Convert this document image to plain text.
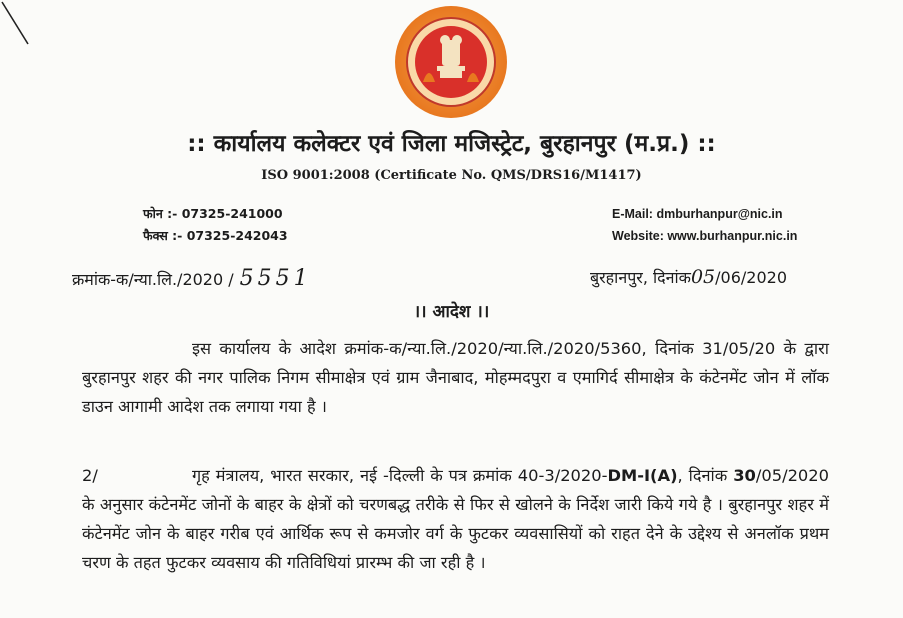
:: कार्यालय कलेक्टर एवं जिला मजिस्ट्रेट, बुरहानपुर (म.प्र.) ::
ISO 9001:2008 (Certificate No. QMS/DRS16/M1417)
फोन :- 07325-241000
फैक्स :- 07325-242043
E-Mail: dmburhanpur@nic.in
Website: www.burhanpur.nic.in
क्रमांक-क/न्या.लि./2020 / 5551	बुरहानपुर, दिनांक05/06/2020
।। आदेश ।।
इस कार्यालय के आदेश क्रमांक-क/न्या.लि./2020/न्या.लि./2020/5360, दिनांक 31/05/20 के द्वारा बुरहानपुर शहर की नगर पालिक निगम सीमाक्षेत्र एवं ग्राम जैनाबाद, मोहम्मदपुरा व एमागिर्द सीमाक्षेत्र के कंटेनमेंट जोन में लॉक डाउन आगामी आदेश तक लगाया गया है ।
2/	गृह मंत्रालय, भारत सरकार, नई -दिल्ली के पत्र क्रमांक 40-3/2020-DM-I(A), दिनांक 30/05/2020 के अनुसार कंटेनमेंट जोनों के बाहर के क्षेत्रों को चरणबद्ध तरीके से फिर से खोलने के निर्देश जारी किये गये है । बुरहानपुर शहर में कंटेनमेंट जोन के बाहर गरीब एवं आर्थिक रूप से कमजोर वर्ग के फुटकर व्यवसासियों को राहत देने के उद्देश्य से अनलॉक प्रथम चरण के तहत फुटकर व्यवसाय की गतिविधियां प्रारम्भ की जा रही है ।
